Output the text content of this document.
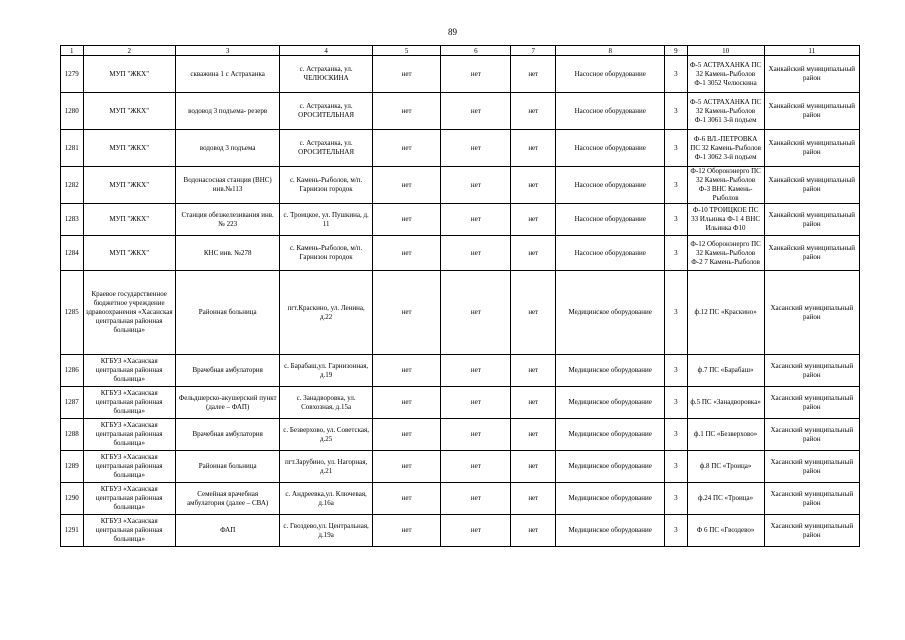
89
1	2	3	4	5	6	7	8	9	10	11
1279	МУП "ЖКХ"	скважина 1 с Астраханка	с. Астраханка, ул. ЧЕЛЮСКИНА	нет	нет	нет	Насосное оборудование	3	Ф-5 АСТРАХАНКА ПС 32 Камень-Рыболов Ф-1 3052 Челюскина	Ханкайский муниципальный район
1280	МУП "ЖКХ"	водовод 3 подъема- резерв	с. Астраханка, ул. ОРОСИТЕЛЬНАЯ	нет	нет	нет	Насосное оборудование	3	Ф-5 АСТРАХАНКА ПС 32 Камень-Рыболов Ф-1 3061 3-й подъем	Ханкайский муниципальный район
1281	МУП "ЖКХ"	водовод 3 подъема	с. Астраханка, ул. ОРОСИТЕЛЬНАЯ	нет	нет	нет	Насосное оборудование	3	Ф-6 ВЛ.-ПЕТРОВКА ПС 32 Камень-Рыболов Ф-1 3062 3-й подъем	Ханкайский муниципальный район
1282	МУП "ЖКХ"	Водонасосная станция (ВНС) инв.№113	с. Камень-Рыболов, м/п. Гарнизон городок	нет	нет	нет	Насосное оборудование	3	Ф-12 Оборонэнерго ПС 32 Камень-Рыболов Ф-3 ВНС Камень-Рыболов	Ханкайский муниципальный район
1283	МУП "ЖКХ"	Станция обезжелезивания инв. № 223	с. Троицкое, ул. Пушкина, д. 11	нет	нет	нет	Насосное оборудование	3	Ф-10 ТРОИЦКОЕ ПС 33 Ильинка Ф-1 4 ВНС Ильинка Ф10	Ханкайский муниципальный район
1284	МУП "ЖКХ"	КНС инв. №278	с. Камень-Рыболов, м/п. Гарнизон городок	нет	нет	нет	Насосное оборудование	3	Ф-12 Оборонэнерго ПС 32 Камень-Рыболов Ф-2 7 Камень-Рыболов	Ханкайский муниципальный район
1285	Краевое государственное бюджетное учреждение здравоохранения «Хасанская центральная районная больница»	Районная больница	пгт.Краскино, ул. Ленина, д.22	нет	нет	нет	Медицинское оборудование	3	ф.12 ПС «Краскино»	Хасанский муниципальный район
1286	КГБУЗ «Хасанская центральная районная больница»	Врачебная амбулатория	с. Барабаш,ул. Гарнизонная, д.19	нет	нет	нет	Медицинское оборудование	3	ф.7 ПС «Барабаш»	Хасанский муниципальный район
1287	КГБУЗ «Хасанская центральная районная больница»	Фельдшерско-акушерский пункт (далее – ФАП)	с. Занадворовка, ул. Совхозная, д.15а	нет	нет	нет	Медицинское оборудование	3	ф.5 ПС «Занадворовка»	Хасанский муниципальный район
1288	КГБУЗ «Хасанская центральная районная больница»	Врачебная амбулатория	с. Безверхово, ул. Советская, д.25	нет	нет	нет	Медицинское оборудование	3	ф.1 ПС «Безверхово»	Хасанский муниципальный район
1289	КГБУЗ «Хасанская центральная районная больница»	Районная больница	пгт.Зарубино, ул. Нагорная, д.21	нет	нет	нет	Медицинское оборудование	3	ф.8 ПС «Троица»	Хасанский муниципальный район
1290	КГБУЗ «Хасанская центральная районная больница»	Семейная врачебная амбулатория (далее – СВА)	с. Андреевка,ул. Ключевая, д.16а	нет	нет	нет	Медицинское оборудование	3	ф.24 ПС «Троица»	Хасанский муниципальный район
1291	КГБУЗ «Хасанская центральная районная больница»	ФАП	с. Гвоздево,ул. Центральная, д.19а	нет	нет	нет	Медицинское оборудование	3	Ф 6 ПС «Гвоздево»	Хасанский муниципальный район
